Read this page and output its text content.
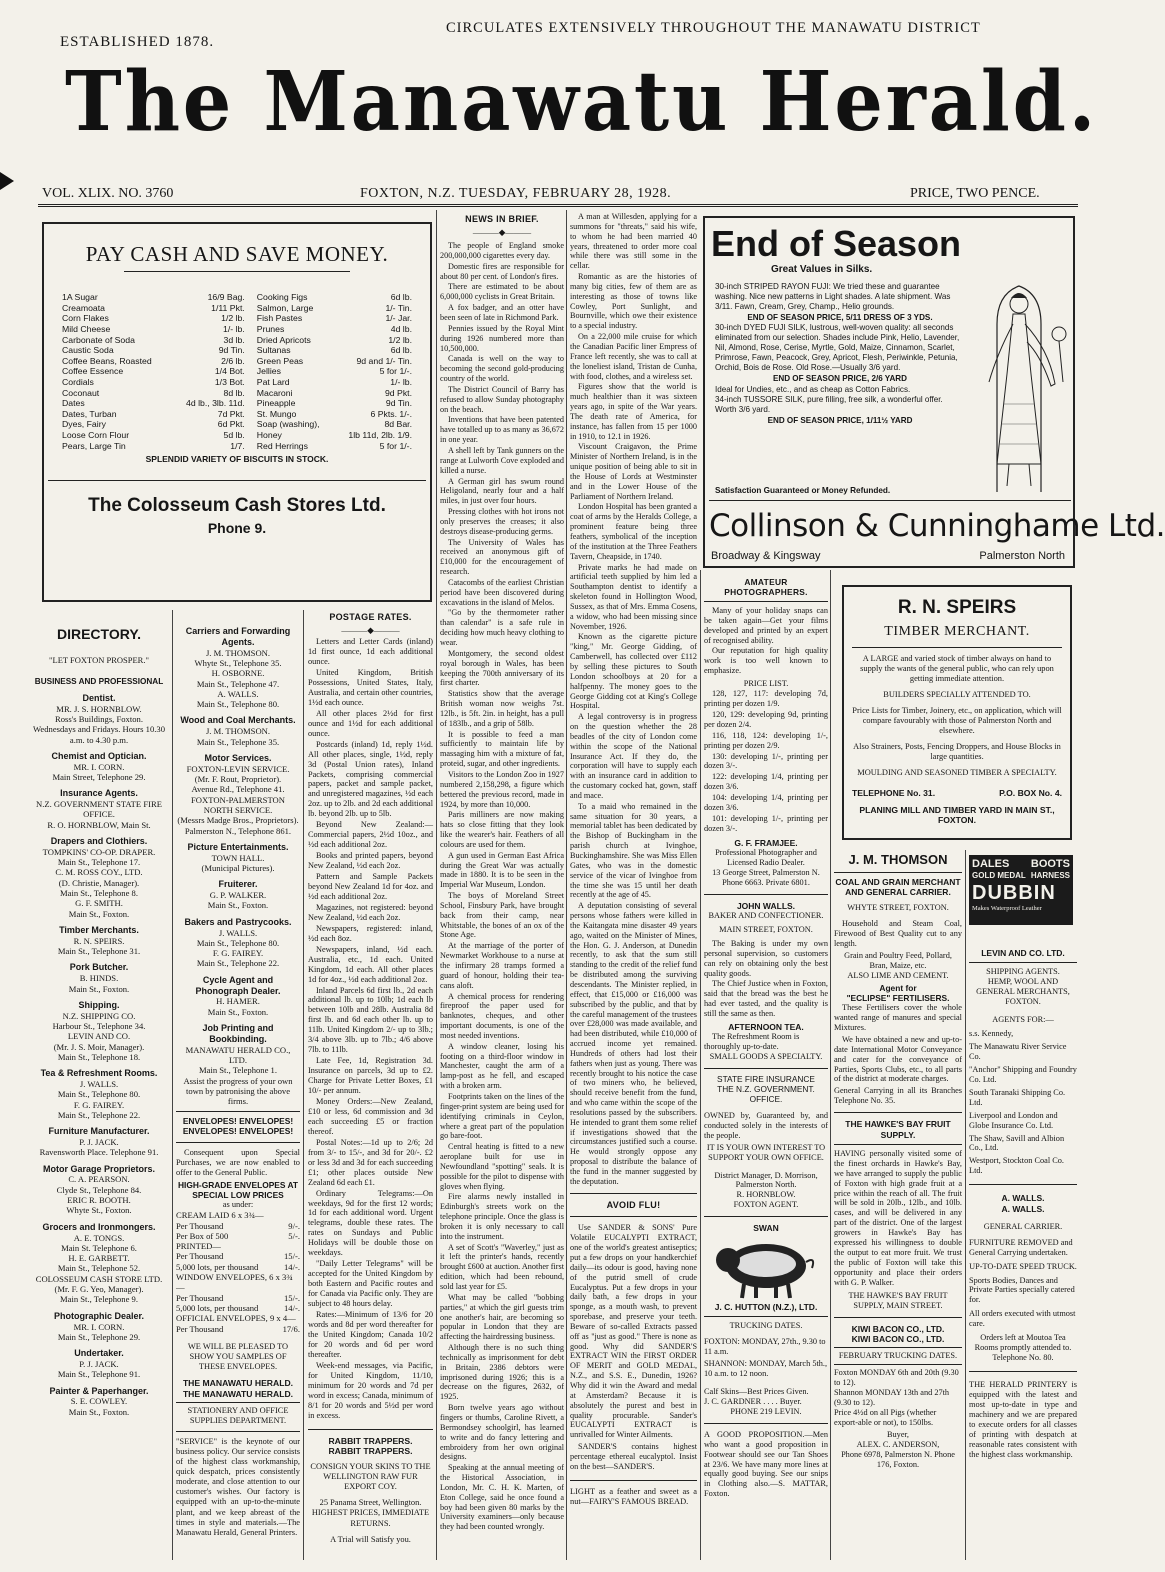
ESTABLISHED 1878.
CIRCULATES EXTENSIVELY THROUGHOUT THE MANAWATU DISTRICT
The Manawatu Herald.
VOL. XLIX. NO. 3760	FOXTON, N.Z. TUESDAY, FEBRUARY 28, 1928.	PRICE, TWO PENCE.
PAY CASH AND SAVE MONEY.
1A Sugar	16/9 Bag.	Cooking Figs	6d lb.
Creamoata	1/11 Pkt.	Salmon, Large	1/- Tin.
Corn Flakes	1/2 lb.	Fish Pastes	1/- Jar.
Mild Cheese	1/- lb.	Prunes	4d lb.
Carbonate of Soda	3d lb.	Dried Apricots	1/2 lb.
Caustic Soda	9d Tin.	Sultanas	6d lb.
Coffee Beans, Roasted	2/6 lb.	Green Peas	9d and 1/- Tin.
Coffee Essence	1/4 Bot.	Jellies	5 for 1/-.
Cordials	1/3 Bot.	Pat Lard	1/- lb.
Coconaut	8d lb.	Macaroni	9d Pkt.
Dates	4d lb., 3lb. 11d.	Pineapple	9d Tin.
Dates, Turban	7d Pkt.	St. Mungo	6 Pkts. 1/-.
Dyes, Fairy	6d Pkt.	Soap (washing),	8d Bar.
Loose Corn Flour	5d lb.	Honey	1lb 11d, 2lb. 1/9.
Pears, Large Tin	1/7.	Red Herrings	5 for 1/-.
SPLENDID VARIETY OF BISCUITS IN STOCK.
The Colosseum Cash Stores Ltd.
Phone 9.
DIRECTORY.
"LET FOXTON PROSPER."
BUSINESS AND PROFESSIONAL
Dentist.
MR. J. S. HORNBLOW.
Ross's Buildings, Foxton.
Wednesdays and Fridays. Hours 10.30 a.m. to 4.30 p.m.
Chemist and Optician.
MR. I. CORN.
Main Street, Telephone 29.
Insurance Agents.
N.Z. GOVERNMENT STATE FIRE OFFICE.
R. O. HORNBLOW, Main St.
Drapers and Clothiers.
TOMPKINS' CO-OP. DRAPER.
Main St., Telephone 17.
C. M. ROSS COY., LTD.
(D. Christie, Manager).
Main St., Telephone 8.
G. F. SMITH.
Main St., Foxton.
Timber Merchants.
R. N. SPEIRS.
Main St., Telephone 31.
Pork Butcher.
B. HINDS.
Main St., Foxton.
Shipping.
N.Z. SHIPPING CO.
Harbour St., Telephone 34.
LEVIN AND CO.
(Mr. J. S. Moir, Manager).
Main St., Telephone 18.
Tea & Refreshment Rooms.
J. WALLS.
Main St., Telephone 80.
F. G. FAIREY.
Main St., Telephone 22.
Furniture Manufacturer.
P. J. JACK.
Ravensworth Place. Telephone 91.
Motor Garage Proprietors.
C. A. PEARSON.
Clyde St., Telephone 84.
ERIC R. BOOTH.
Whyte St., Foxton.
Grocers and Ironmongers.
A. E. TONGS.
Main St. Telephone 6.
H. E. GARBETT.
Main St., Telephone 52.
COLOSSEUM CASH STORE LTD.
(Mr. F. G. Yeo, Manager).
Main St., Telephone 9.
Photographic Dealer.
MR. I. CORN.
Main St., Telephone 29.
Undertaker.
P. J. JACK.
Main St., Telephone 91.
Painter & Paperhanger.
S. E. COWLEY.
Main St., Foxton.
Carriers and Forwarding Agents.
J. M. THOMSON.
Whyte St., Telephone 35.
H. OSBORNE.
Main St., Telephone 47.
A. WALLS.
Main St., Telephone 80.
Wood and Coal Merchants.
J. M. THOMSON.
Main St., Telephone 35.
Motor Services.
FOXTON-LEVIN SERVICE.
(Mr. F. Rout, Proprietor).
Avenue Rd., Telephone 41.
FOXTON-PALMERSTON NORTH SERVICE.
(Messrs Madge Bros., Proprietors).
Palmerston N., Telephone 861.
Picture Entertainments.
TOWN HALL.
(Municipal Pictures).
Fruiterer.
G. P. WALKER.
Main St., Foxton.
Bakers and Pastrycooks.
J. WALLS.
Main St., Telephone 80.
F. G. FAIREY.
Main St., Telephone 22.
Cycle Agent and Phonograph Dealer.
H. HAMER.
Main St., Foxton.
Job Printing and Bookbinding.
MANAWATU HERALD CO., LTD.
Main St., Telephone 1.
Assist the progress of your own town by patronising the above firms.
ENVELOPES! ENVELOPES! ENVELOPES! ENVELOPES!
Consequent upon Special Purchases, we are now enabled to offer to the General Public.
HIGH-GRADE ENVELOPES AT SPECIAL LOW PRICES
as under:
CREAM LAID 6 x 3¾—
Per Thousand	9/-.
Per Box of 500	5/-.
PRINTED—
Per Thousand	15/-.
5,000 lots, per thousand	14/-.
WINDOW ENVELOPES, 6 x 3¾—
Per Thousand	15/-.
5,000 lots, per thousand	14/-.
OFFICIAL ENVELOPES, 9 x 4—
Per Thousand	17/6.
WE WILL BE PLEASED TO SHOW YOU SAMPLES OF THESE ENVELOPES.
THE MANAWATU HERALD.
THE MANAWATU HERALD.
STATIONERY AND OFFICE SUPPLIES DEPARTMENT.
"SERVICE" is the keynote of our business policy. Our service consists of the highest class workmanship, quick despatch, prices consistently moderate, and close attention to our customer's wishes. Our factory is equipped with an up-to-the-minute plant, and we keep abreast of the times in style and materials.—The Manawatu Herald, General Printers.
POSTAGE RATES.
———◆———
Letters and Letter Cards (inland) 1d first ounce, 1d each additional ounce.
United Kingdom, British Possessions, United States, Italy, Australia, and certain other countries, 1½d each ounce.
All other places 2½d for first ounce and 1½d for each additional ounce.
Postcards (inland) 1d, reply 1½d. All other places, single, 1½d, reply 3d (Postal Union rates), Inland Packets, comprising commercial papers, packet and sample packet, and unregistered magazines, ½d each 2oz. up to 2lb. and 2d each additional lb. beyond 2lb. up to 5lb.
Beyond New Zealand:—Commercial papers, 2½d 10oz., and ½d each additional 2oz.
Books and printed papers, beyond New Zealand, ½d each 2oz.
Pattern and Sample Packets beyond New Zealand 1d for 4oz. and ½d each additional 2oz.
Magazines, not registered: beyond New Zealand, ½d each 2oz.
Newspapers, registered: inland, ½d each 8oz.
Newspapers, inland, ½d each. Australia, etc., 1d each. United Kingdom, 1d each. All other places 1d for 4oz., ½d each additional 2oz.
Inland Parcels 6d first lb., 2d each additional lb. up to 10lb; 1d each lb between 10lb and 28lb. Australia 8d first lb. and 6d each other lb. up to 11lb. United Kingdom 2/- up to 3lb.; 3/4 above 3lb. up to 7lb.; 4/6 above 7lb. to 11lb.
Late Fee, 1d, Registration 3d. Insurance on parcels, 3d up to £2. Charge for Private Letter Boxes, £1 10/- per annum.
Money Orders:—New Zealand, £10 or less, 6d commission and 3d each succeeding £5 or fraction thereof.
Postal Notes:—1d up to 2/6; 2d from 3/- to 15/-, and 3d for 20/-. £2 or less 3d and 3d for each succeeding £1; other places outside New Zealand 6d each £1.
Ordinary Telegrams:—On weekdays, 9d for the first 12 words; 1d for each additional word. Urgent telegrams, double these rates. The rates on Sundays and Public Holidays will be double those on weekdays.
"Daily Letter Telegrams" will be accepted for the United Kingdom by both Eastern and Pacific routes and for Canada via Pacific only. They are subject to 48 hours delay.
Rates:—Minimum of 13/6 for 20 words and 8d per word thereafter for the United Kingdom; Canada 10/2 for 20 words and 6d per word thereafter.
Week-end messages, via Pacific, for United Kingdom, 11/10, minimum for 20 words and 7d per word in excess; Canada, minimum of 8/1 for 20 words and 5½d per word in excess.
RABBIT TRAPPERS.
RABBIT TRAPPERS.
CONSIGN YOUR SKINS TO THE WELLINGTON RAW FUR EXPORT COY.
25 Panama Street, Wellington. HIGHEST PRICES, IMMEDIATE RETURNS.
A Trial will Satisfy you.
NEWS IN BRIEF.
———◆———
The people of England smoke 200,000,000 cigarettes every day.
Domestic fires are responsible for about 80 per cent. of London's fires.
There are estimated to be about 6,000,000 cyclists in Great Britain.
A fox badger, and an otter have been seen of late in Richmond Park.
Pennies issued by the Royal Mint during 1926 numbered more than 10,500,000.
Canada is well on the way to becoming the second gold-producing country of the world.
The District Council of Barry has refused to allow Sunday photography on the beach.
Inventions that have been patented have totalled up to as many as 36,672 in one year.
A shell left by Tank gunners on the range at Lulworth Cove exploded and killed a nurse.
A German girl has swum round Heligoland, nearly four and a half miles, in just over four hours.
Pressing clothes with hot irons not only preserves the creases; it also destroys disease-producing germs.
The University of Wales has received an anonymous gift of £10,000 for the encouragement of research.
Catacombs of the earliest Christian period have been discovered during excavations in the island of Melos.
"Go by the thermometer rather than calendar" is a safe rule in deciding how much heavy clothing to wear.
Montgomery, the second oldest royal borough in Wales, has been keeping the 700th anniversary of its first charter.
Statistics show that the average British woman now weighs 7st. 12lb., is 5ft. 2in. in height, has a pull of 183lb., and a grip of 58lb.
It is possible to feed a man sufficiently to maintain life by massaging him with a mixture of fat, proteid, sugar, and other ingredients.
Visitors to the London Zoo in 1927 numbered 2,158,298, a figure which bettered the previous record, made in 1924, by more than 10,000.
Paris milliners are now making hats so close fitting that they look like the wearer's hair. Feathers of all colours are used for them.
A gun used in German East Africa during the Great War was actually made in 1880. It is to be seen in the Imperial War Museum, London.
The boys of Moreland Street School, Finsbury Park, have brought back from their camp, near Whitstable, the bones of an ox of the Stone Age.
At the marriage of the porter of Newmarket Workhouse to a nurse at the infirmary 28 tramps formed a guard of honour, holding their tea-cans aloft.
A chemical process for rendering fireproof the paper used for banknotes, cheques, and other important documents, is one of the most needed inventions.
A window cleaner, losing his footing on a third-floor window in Manchester, caught the arm of a lamp-post as he fell, and escaped with a broken arm.
Footprints taken on the lines of the finger-print system are being used for identifying criminals in Ceylon, where a great part of the population go bare-foot.
Central heating is fitted to a new aeroplane built for use in Newfoundland "spotting" seals. It is possible for the pilot to dispense with gloves when flying.
Fire alarms newly installed in Edinburgh's streets work on the telephone principle. Once the glass is broken it is only necessary to call into the instrument.
A set of Scott's "Waverley," just as it left the printer's hands, recently brought £600 at auction. Another first edition, which had been rebound, sold last year for £5.
What may be called "bobbing parties," at which the girl guests trim one another's hair, are becoming so popular in London that they are affecting the hairdressing business.
Although there is no such thing technically as imprisonment for debt in Britain, 2386 debtors were imprisoned during 1926; this is a decrease on the figures, 2632, of 1925.
Born twelve years ago without fingers or thumbs, Caroline Rivett, a Bermondsey schoolgirl, has learned to write and do fancy lettering and embroidery from her own original designs.
Speaking at the annual meeting of the Historical Association, in London, Mr. C. H. K. Marten, of Eton College, said he once found a boy had been given 80 marks by the University examiners—only because they had been counted wrongly.
A man at Willesden, applying for a summons for "threats," said his wife, to whom he had been married 40 years, threatened to order more coal while there was still some in the cellar.
Romantic as are the histories of many big cities, few of them are as interesting as those of towns like Cowley, Port Sunlight, and Bournville, which owe their existence to a special industry.
On a 22,000 mile cruise for which the Canadian Pacific liner Empress of France left recently, she was to call at the loneliest island, Tristan de Cunha, with food, clothes, and a wireless set.
Figures show that the world is much healthier than it was sixteen years ago, in spite of the War years. The death rate of America, for instance, has fallen from 15 per 1000 in 1910, to 12.1 in 1926.
Viscount Craigavon, the Prime Minister of Northern Ireland, is in the unique position of being able to sit in the House of Lords at Westminster and in the Lower House of the Parliament of Northern Ireland.
London Hospital has been granted a coat of arms by the Heralds College, a prominent feature being three feathers, symbolical of the inception of the institution at the Three Feathers Tavern, Cheapside, in 1740.
Private marks he had made on artificial teeth supplied by him led a Southampton dentist to identify a skeleton found in Hollington Wood, Sussex, as that of Mrs. Emma Cosens, a widow, who had been missing since November, 1926.
Known as the cigarette picture "king," Mr. George Gidding, of Camberwell, has collected over £112 by selling these pictures to South London schoolboys at 20 for a halfpenny. The money goes to the George Gidding cot at King's College Hospital.
A legal controversy is in progress on the question whether the 28 beadles of the city of London come within the scope of the National Insurance Act. If they do, the corporation will have to supply each with an insurance card in addition to the customary cocked hat, gown, staff and mace.
To a maid who remained in the same situation for 30 years, a memorial tablet has been dedicated by the Bishop of Buckingham in the parish church at Ivinghoe, Buckinghamshire. She was Miss Ellen Gates, who was in the domestic service of the vicar of Ivinghoe from the time she was 15 until her death recently at the age of 45.
A deputation consisting of several persons whose fathers were killed in the Kaitangata mine disaster 49 years ago, waited on the Minister of Mines, the Hon. G. J. Anderson, at Dunedin recently, to ask that the sum still standing to the credit of the relief fund be distributed among the surviving descendants. The Minister replied, in effect, that £15,000 or £16,000 was subscribed by the public, and that by the careful management of the trustees over £28,000 was made available, and had been distributed, while £10,000 of accrued income yet remained. Hundreds of others had lost their fathers when just as young. There was recently brought to his notice the case of two miners who, he believed, should receive benefit from the fund, and who came within the scope of the resolutions passed by the subscribers. He intended to grant them some relief if investigations showed that the circumstances justified such a course. He would strongly oppose any proposal to distribute the balance of the fund in the manner suggested by the deputation.
AVOID FLU!
Use SANDER & SONS' Pure Volatile EUCALYPTI EXTRACT, one of the world's greatest antiseptics; put a few drops on your handkerchief daily—its odour is good, having none of the putrid smell of crude Eucalyptus. Put a few drops in your daily bath, a few drops in your sponge, as a mouth wash, to prevent sporebase, and preserve your teeth. Beware of so-called Extracts passed off as "just as good." There is none as good. Why did SANDER'S EXTRACT WIN the FIRST ORDER OF MERIT and GOLD MEDAL, N.Z., and S.S. E., Dunedin, 1926? Why did it win the Award and medal at Amsterdam? Because it is absolutely the purest and best in quality procurable. Sander's EUCALYPTI EXTRACT is unrivalled for Winter Ailments.
SANDER'S contains highest percentage ethereal eucalyptol. Insist on the best—SANDER'S.
LIGHT as a feather and sweet as a nut—FAIRY'S FAMOUS BREAD.
End of Season
Great Values in Silks.
30-inch STRIPED RAYON FUJI: We tried these and guarantee washing. Nice new patterns in Light shades. A late shipment. Was 3/11. Fawn, Cream, Grey, Champ., Helio grounds.
END OF SEASON PRICE, 5/11 DRESS OF 3 YDS.
30-inch DYED FUJI SILK, lustrous, well-woven quality: all seconds eliminated from our selection. Shades include Pink, Helio, Lavender, Nil, Almond, Rose, Cerise, Myrtle, Gold, Maize, Cinnamon, Scarlet, Primrose, Fawn, Peacock, Grey, Apricot, Flesh, Periwinkle, Petunia, Orchid, Bois de Rose. Old Rose.—Usually 3/6 yard.
END OF SEASON PRICE, 2/6 YARD
Ideal for Undies, etc., and as cheap as Cotton Fabrics.
34-inch TUSSORE SILK, pure filling, free silk, a wonderful offer. Worth 3/6 yard.
END OF SEASON PRICE, 1/11½ YARD
Satisfaction Guaranteed or Money Refunded.
Collinson & Cunninghame Ltd.
Broadway & Kingsway	Palmerston North
AMATEUR PHOTOGRAPHERS.
Many of your holiday snaps can be taken again—Get your films developed and printed by an expert of recognised ability.
Our reputation for high quality work is too well known to emphasize.
PRICE LIST.
128, 127, 117: developing 7d, printing per dozen 1/9.
120, 129: developing 9d, printing per dozen 2/4.
116, 118, 124: developing 1/-, printing per dozen 2/9.
130: developing 1/-, printing per dozen 3/-.
122: developing 1/4, printing per dozen 3/6.
104: developing 1/4, printing per dozen 3/6.
101: developing 1/-, printing per dozen 3/-.
G. F. FRAMJEE.
Professional Photographer and Licensed Radio Dealer.
13 George Street, Palmerston N.
Phone 6663. Private 6801.
JOHN WALLS.
BAKER AND CONFECTIONER.
MAIN STREET, FOXTON.
The Baking is under my own personal supervision, so customers can rely on obtaining only the best quality goods.
The Chief Justice when in Foxton, said that the bread was the best he had ever tasted, and the quality is still the same as then.
AFTERNOON TEA.
The Refreshment Room is thoroughly up-to-date.
SMALL GOODS A SPECIALTY.
STATE FIRE INSURANCE
THE N.Z. GOVERNMENT.
OFFICE.
OWNED by, Guaranteed by, and conducted solely in the interests of the people.
IT IS YOUR OWN INTEREST TO SUPPORT YOUR OWN OFFICE.
District Manager, D. Morrison, Palmerston North.
R. HORNBLOW.
FOXTON AGENT.
SWAN
J. C. HUTTON (N.Z.), LTD.
TRUCKING DATES.
FOXTON: MONDAY, 27th., 9.30 to 11 a.m.
SHANNON: MONDAY, March 5th., 10 a.m. to 12 noon.
Calf Skins—Best Prices Given.
J. C. GARDNER . . . . Buyer.
PHONE 219 LEVIN.
A GOOD PROPOSITION.—Men who want a good proposition in Footwear should see our Tan Shoes at 23/6. We have many more lines at equally good buying. See our snips in Clothing also.—S. MATTAR, Foxton.
R. N. SPEIRS
TIMBER MERCHANT.
A LARGE and varied stock of timber always on hand to supply the wants of the general public, who can rely upon getting immediate attention.
BUILDERS SPECIALLY ATTENDED TO.
Price Lists for Timber, Joinery, etc., on application, which will compare favourably with those of Palmerston North and elsewhere.
Also Strainers, Posts, Fencing Droppers, and House Blocks in large quantities.
MOULDING AND SEASONED TIMBER A SPECIALTY.
TELEPHONE No. 31.	P.O. BOX No. 4.
PLANING MILL AND TIMBER YARD IN MAIN ST., FOXTON.
J. M. THOMSON
COAL AND GRAIN MERCHANT AND GENERAL CARRIER.
WHYTE STREET, FOXTON.
Household and Steam Coal, Firewood of Best Quality cut to any length.
Grain and Poultry Feed, Pollard, Bran, Maize, etc.
ALSO LIME AND CEMENT.
Agent for
"ECLIPSE" FERTILISERS.
These Fertilisers cover the whole wanted range of manures and special Mixtures.
We have obtained a new and up-to-date International Motor Conveyance and cater for the conveyance of Parties, Sports Clubs, etc., to all parts of the district at moderate charges.
General Carrying in all its Branches Telephone No. 35.
THE HAWKE'S BAY FRUIT SUPPLY.
HAVING personally visited some of the finest orchards in Hawke's Bay, we have arranged to supply the public of Foxton with high grade fruit at a price within the reach of all. The fruit will be sold in 20lb., 12lb., and 10lb. cases, and will be delivered in any part of the district. One of the largest growers in Hawke's Bay has expressed his willingness to double the output to eat more fruit. We trust the public of Foxton will take this opportunity and place their orders with G. P. Walker.
THE HAWKE'S BAY FRUIT SUPPLY, MAIN STREET.
KIWI BACON CO., LTD.
KIWI BACON CO., LTD.
FEBRUARY TRUCKING DATES.
Foxton MONDAY 6th and 20th (9.30 to 12).
Shannon MONDAY 13th and 27th (9.30 to 12).
Price 4½d on all Pigs (whether export-able or not), to 150lbs.
Buyer,
ALEX. C. ANDERSON,
Phone 6978, Palmerston N. Phone 176, Foxton.
DALES BOOTS
GOLD MEDAL HARNESS
DUBBIN
Makes Waterproof Leather
LEVIN AND CO. LTD.
SHIPPING AGENTS.
HEMP, WOOL AND GENERAL MERCHANTS, FOXTON.
AGENTS FOR:—
s.s. Kennedy,
The Manawatu River Service Co.
"Anchor" Shipping and Foundry Co. Ltd.
South Taranaki Shipping Co. Ltd.
Liverpool and London and Globe Insurance Co. Ltd.
The Shaw, Savill and Albion Co., Ltd.
Westport, Stockton Coal Co. Ltd.
A. WALLS.
A. WALLS.
GENERAL CARRIER.
FURNITURE REMOVED and General Carrying undertaken.
UP-TO-DATE SPEED TRUCK.
Sports Bodies, Dances and Private Parties specially catered for.
All orders executed with utmost care.
Orders left at Moutoa Tea Rooms promptly attended to. Telephone No. 80.
THE HERALD PRINTERY is equipped with the latest and most up-to-date in type and machinery and we are prepared to execute orders for all classes of printing with despatch at reasonable rates consistent with the highest class workmanship.
